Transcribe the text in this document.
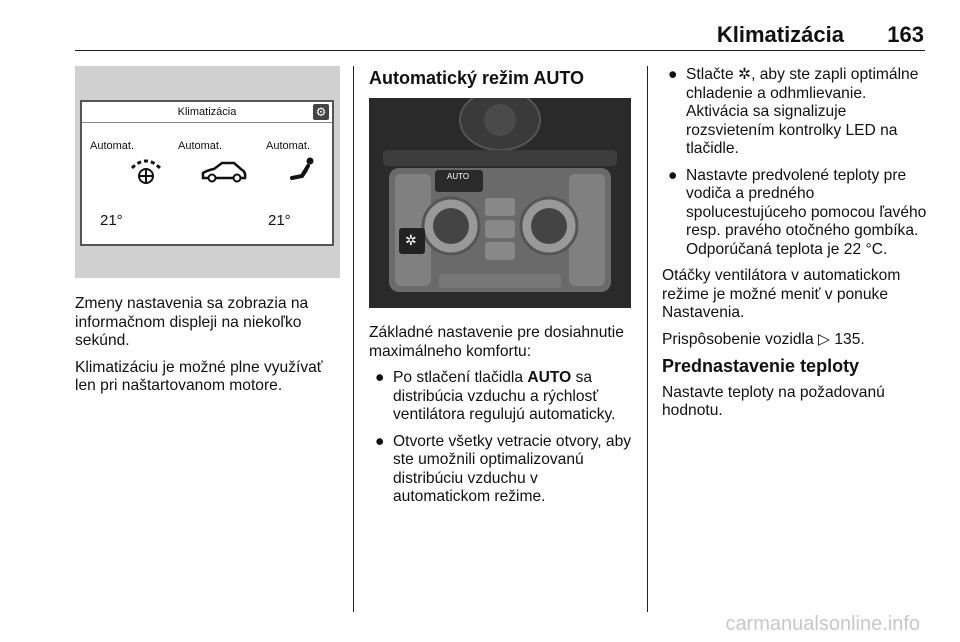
Klimatizácia 163
Klimatizácia	⚙
Automat.	Automat.	Automat.
21°	21°

Zmeny nastavenia sa zobrazia na informačnom displeji na niekoľko sekúnd.

Klimatizáciu je možné plne využívať len pri naštartovanom motore.

Automatický režim AUTO
AUTO
✲

Základné nastavenie pre dosiahnutie maximálneho komfortu:

● Po stlačení tlačidla AUTO sa distribúcia vzduchu a rýchlosť ventilátora regulujú automaticky.
● Otvorte všetky vetracie otvory, aby ste umožnili optimalizovanú distribúciu vzduchu v automatickom režime.
● Stlačte ✲, aby ste zapli optimálne chladenie a odhmlievanie. Aktivácia sa signalizuje rozsvietením kontrolky LED na tlačidle.
● Nastavte predvolené teploty pre vodiča a predného spolucestujúceho pomocou ľavého resp. pravého otočného gombíka. Odporúčaná teplota je 22 °C.

Otáčky ventilátora v automatickom režime je možné meniť v ponuke Nastavenia.

Prispôsobenie vozidla ▷ 135.

Prednastavenie teploty

Nastavte teploty na požadovanú hodnotu.

carmanualsonline.info
